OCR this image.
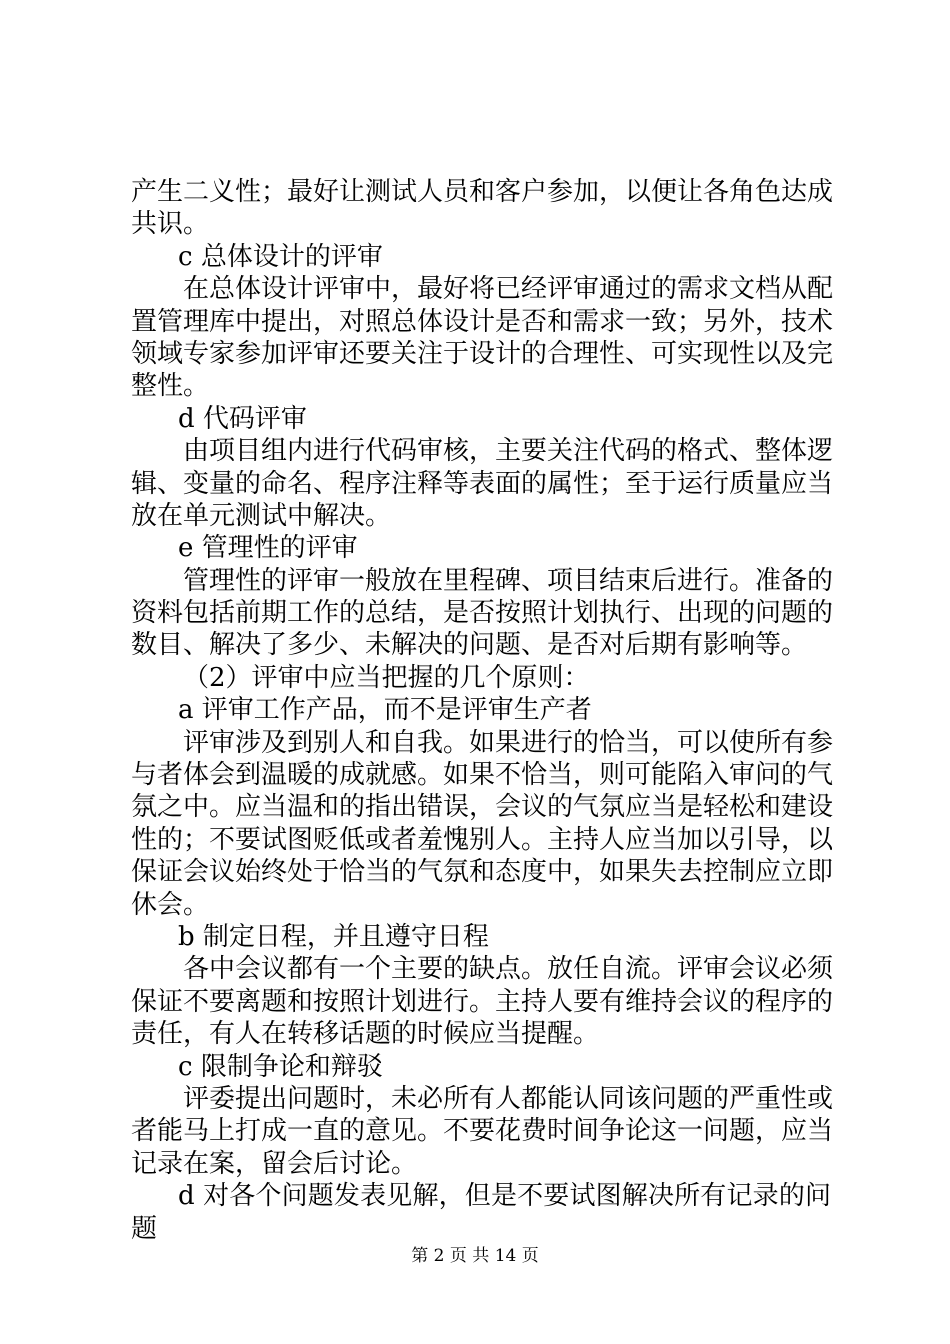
产生二义性；最好让测试人员和客户参加，以便让各角色达成
共识。
c 总体设计的评审
在总体设计评审中，最好将已经评审通过的需求文档从配
置管理库中提出，对照总体设计是否和需求一致；另外，技术
领域专家参加评审还要关注于设计的合理性、可实现性以及完
整性。
d 代码评审
由项目组内进行代码审核，主要关注代码的格式、整体逻
辑、变量的命名、程序注释等表面的属性；至于运行质量应当
放在单元测试中解决。
e 管理性的评审
管理性的评审一般放在里程碑、项目结束后进行。准备的
资料包括前期工作的总结，是否按照计划执行、出现的问题的
数目、解决了多少、未解决的问题、是否对后期有影响等。
（2）评审中应当把握的几个原则：
a 评审工作产品，而不是评审生产者
评审涉及到别人和自我。如果进行的恰当，可以使所有参
与者体会到温暖的成就感。如果不恰当，则可能陷入审问的气
氛之中。应当温和的指出错误，会议的气氛应当是轻松和建设
性的；不要试图贬低或者羞愧别人。主持人应当加以引导，以
保证会议始终处于恰当的气氛和态度中，如果失去控制应立即
休会。
b 制定日程，并且遵守日程
各中会议都有一个主要的缺点。放任自流。评审会议必须
保证不要离题和按照计划进行。主持人要有维持会议的程序的
责任，有人在转移话题的时候应当提醒。
c 限制争论和辩驳
评委提出问题时，未必所有人都能认同该问题的严重性或
者能马上打成一直的意见。不要花费时间争论这一问题，应当
记录在案，留会后讨论。
d 对各个问题发表见解，但是不要试图解决所有记录的问
题
第 2 页 共 14 页
